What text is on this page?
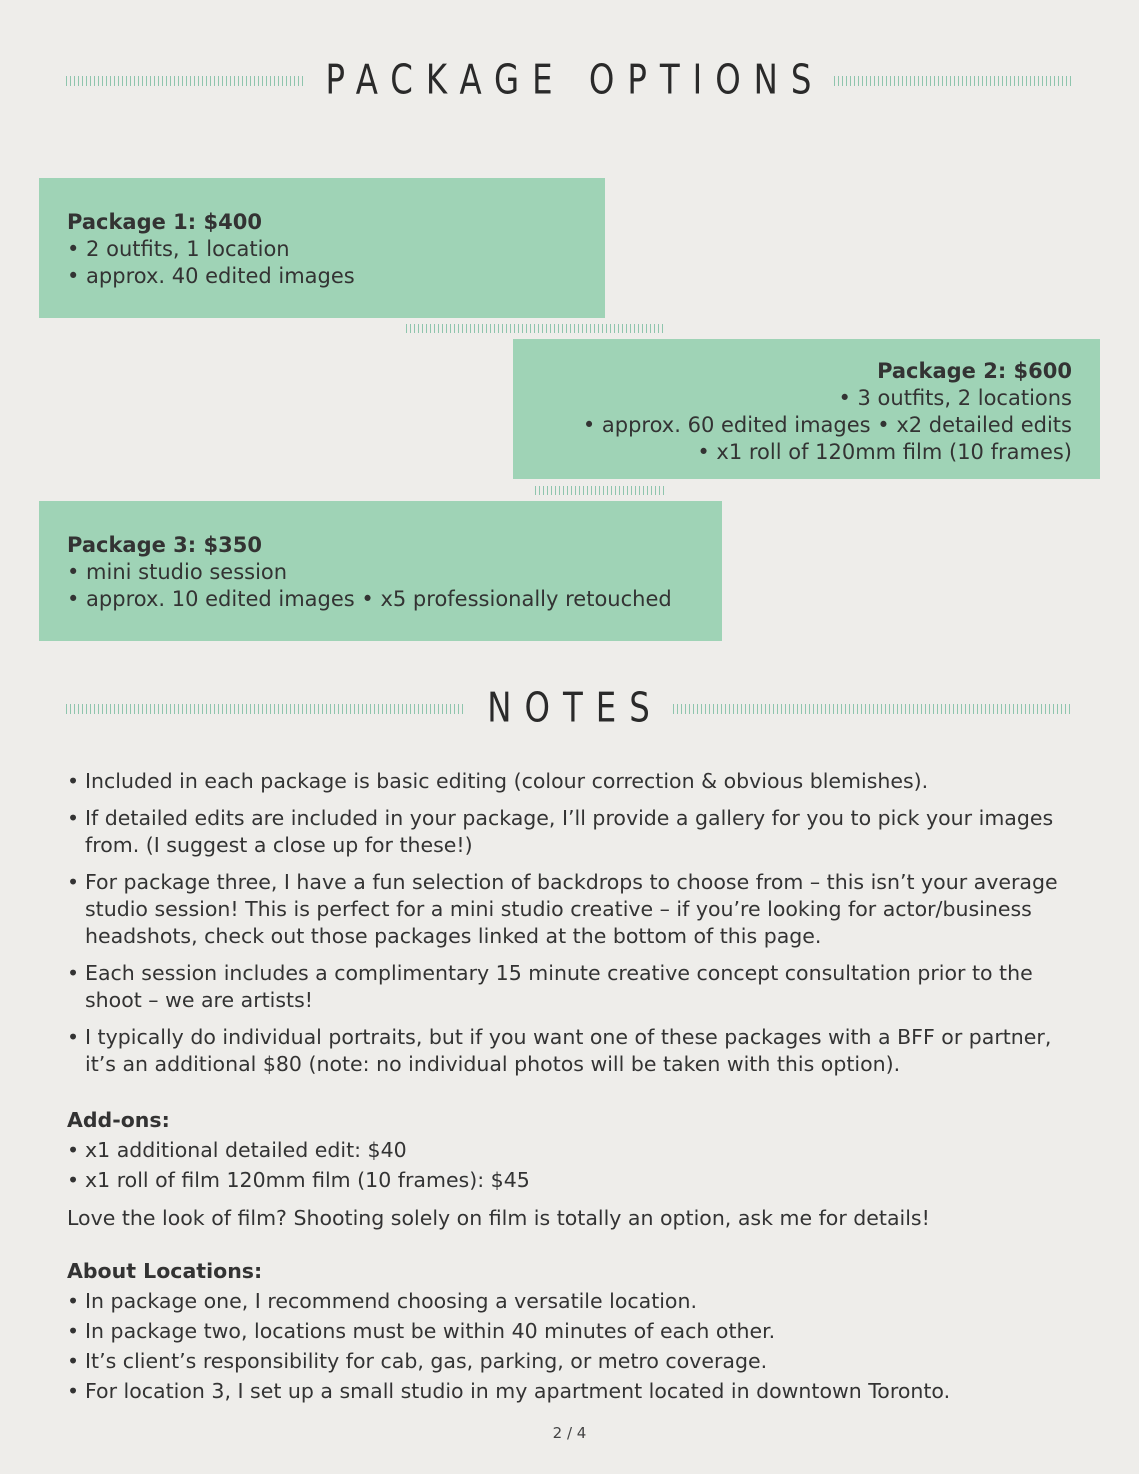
PACKAGE OPTIONS
Package 1: $400
• 2 outfits, 1 location
• approx. 40 edited images
Package 2: $600
• 3 outfits, 2 locations
• approx. 60 edited images • x2 detailed edits
• x1 roll of 120mm film (10 frames)
Package 3: $350
• mini studio session
• approx. 10 edited images • x5 professionally retouched
NOTES
• Included in each package is basic editing (colour correction & obvious blemishes).
• If detailed edits are included in your package, I’ll provide a gallery for you to pick your images from. (I suggest a close up for these!)
• For package three, I have a fun selection of backdrops to choose from – this isn’t your average studio session! This is perfect for a mini studio creative – if you’re looking for actor/business headshots, check out those packages linked at the bottom of this page.
• Each session includes a complimentary 15 minute creative concept consultation prior to the shoot – we are artists!
• I typically do individual portraits, but if you want one of these packages with a BFF or partner, it’s an additional $80 (note: no individual photos will be taken with this option).
Add-ons:
• x1 additional detailed edit: $40
• x1 roll of film 120mm film (10 frames): $45
Love the look of film? Shooting solely on film is totally an option, ask me for details!
About Locations:
• In package one, I recommend choosing a versatile location.
• In package two, locations must be within 40 minutes of each other.
• It’s client’s responsibility for cab, gas, parking, or metro coverage.
• For location 3, I set up a small studio in my apartment located in downtown Toronto.
2 / 4
